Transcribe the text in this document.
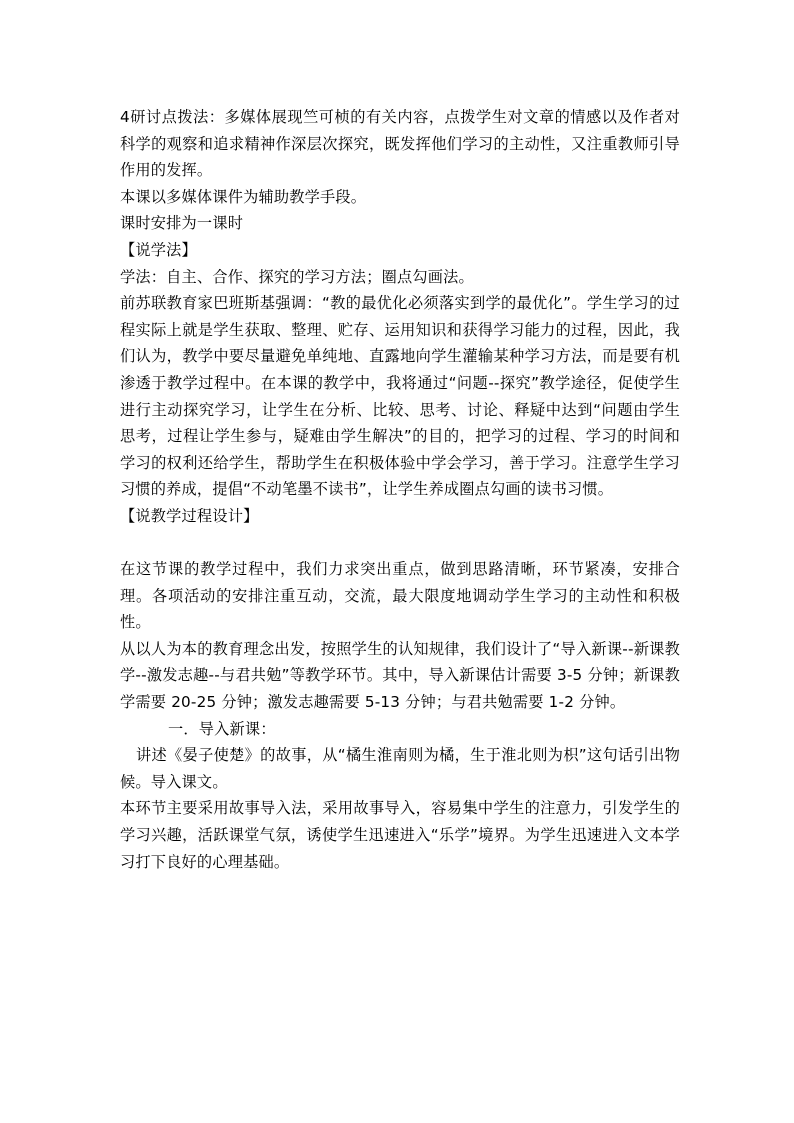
4研讨点拨法：多媒体展现竺可桢的有关内容，点拨学生对文章的情感以及作者对科学的观察和追求精神作深层次探究，既发挥他们学习的主动性，又注重教师引导作用的发挥。

本课以多媒体课件为辅助教学手段。

课时安排为一课时

【说学法】

学法：自主、合作、探究的学习方法；圈点勾画法。

前苏联教育家巴班斯基强调：“教的最优化必须落实到学的最优化”。学生学习的过程实际上就是学生获取、整理、贮存、运用知识和获得学习能力的过程，因此，我们认为，教学中要尽量避免单纯地、直露地向学生灌输某种学习方法，而是要有机渗透于教学过程中。在本课的教学中，我将通过“问题--探究”教学途径，促使学生进行主动探究学习，让学生在分析、比较、思考、讨论、释疑中达到“问题由学生思考，过程让学生参与，疑难由学生解决”的目的，把学习的过程、学习的时间和学习的权利还给学生，帮助学生在积极体验中学会学习，善于学习。注意学生学习习惯的养成，提倡“不动笔墨不读书”，让学生养成圈点勾画的读书习惯。

【说教学过程设计】

在这节课的教学过程中，我们力求突出重点，做到思路清晰，环节紧凑，安排合理。各项活动的安排注重互动，交流，最大限度地调动学生学习的主动性和积极性。

从以人为本的教育理念出发，按照学生的认知规律，我们设计了“导入新课--新课教学--激发志趣--与君共勉”等教学环节。其中，导入新课估计需要 3-5 分钟；新课教学需要 20-25 分钟；激发志趣需要 5-13 分钟；与君共勉需要 1-2 分钟。

一．导入新课：

讲述《晏子使楚》的故事，从“橘生淮南则为橘，生于淮北则为枳”这句话引出物候。导入课文。

本环节主要采用故事导入法，采用故事导入，容易集中学生的注意力，引发学生的学习兴趣，活跃课堂气氛，诱使学生迅速进入“乐学”境界。为学生迅速进入文本学习打下良好的心理基础。
